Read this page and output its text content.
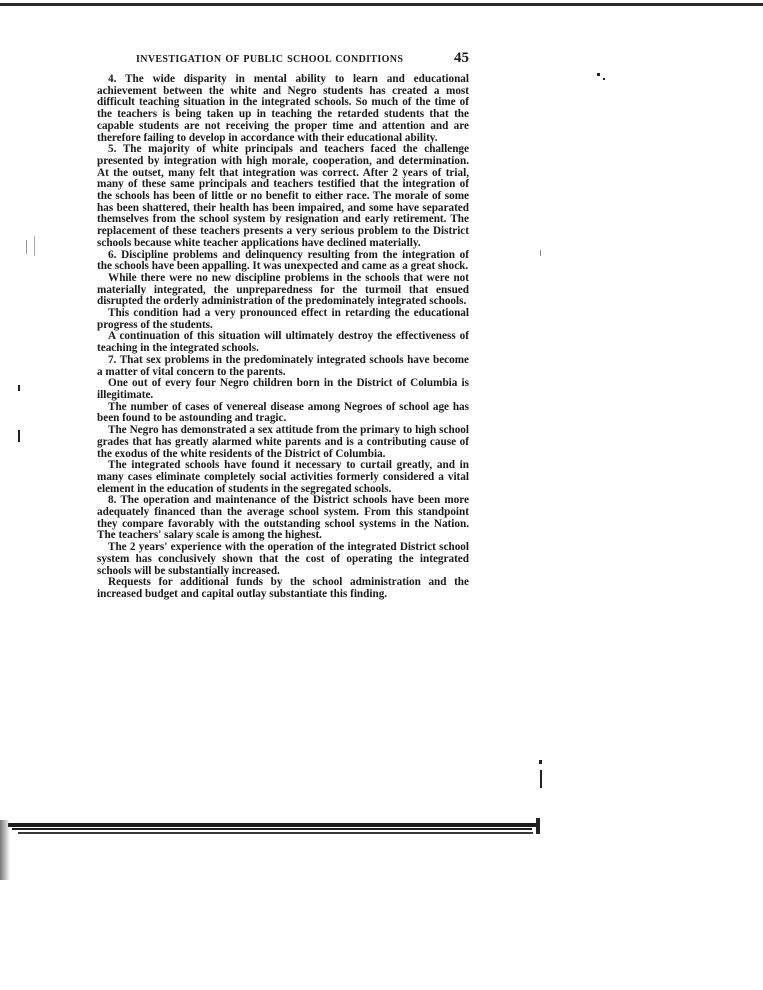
INVESTIGATION OF PUBLIC SCHOOL CONDITIONS	45

4. The wide disparity in mental ability to learn and educational achievement between the white and Negro students has created a most difficult teaching situation in the integrated schools. So much of the time of the teachers is being taken up in teaching the retarded students that the capable students are not receiving the proper time and attention and are therefore failing to develop in accordance with their educational ability.

5. The majority of white principals and teachers faced the challenge presented by integration with high morale, cooperation, and determination. At the outset, many felt that integration was correct. After 2 years of trial, many of these same principals and teachers testified that the integration of the schools has been of little or no benefit to either race. The morale of some has been shattered, their health has been impaired, and some have separated themselves from the school system by resignation and early retirement. The replacement of these teachers presents a very serious problem to the District schools because white teacher applications have declined materially.

6. Discipline problems and delinquency resulting from the integration of the schools have been appalling. It was unexpected and came as a great shock.

While there were no new discipline problems in the schools that were not materially integrated, the unpreparedness for the turmoil that ensued disrupted the orderly administration of the predominately integrated schools.

This condition had a very pronounced effect in retarding the educational progress of the students.

A continuation of this situation will ultimately destroy the effectiveness of teaching in the integrated schools.

7. That sex problems in the predominately integrated schools have become a matter of vital concern to the parents.

One out of every four Negro children born in the District of Columbia is illegitimate.

The number of cases of venereal disease among Negroes of school age has been found to be astounding and tragic.

The Negro has demonstrated a sex attitude from the primary to high school grades that has greatly alarmed white parents and is a contributing cause of the exodus of the white residents of the District of Columbia.

The integrated schools have found it necessary to curtail greatly, and in many cases eliminate completely social activities formerly considered a vital element in the education of students in the segregated schools.

8. The operation and maintenance of the District schools have been more adequately financed than the average school system. From this standpoint they compare favorably with the outstanding school systems in the Nation. The teachers' salary scale is among the highest.

The 2 years' experience with the operation of the integrated District school system has conclusively shown that the cost of operating the integrated schools will be substantially increased.

Requests for additional funds by the school administration and the increased budget and capital outlay substantiate this finding.
